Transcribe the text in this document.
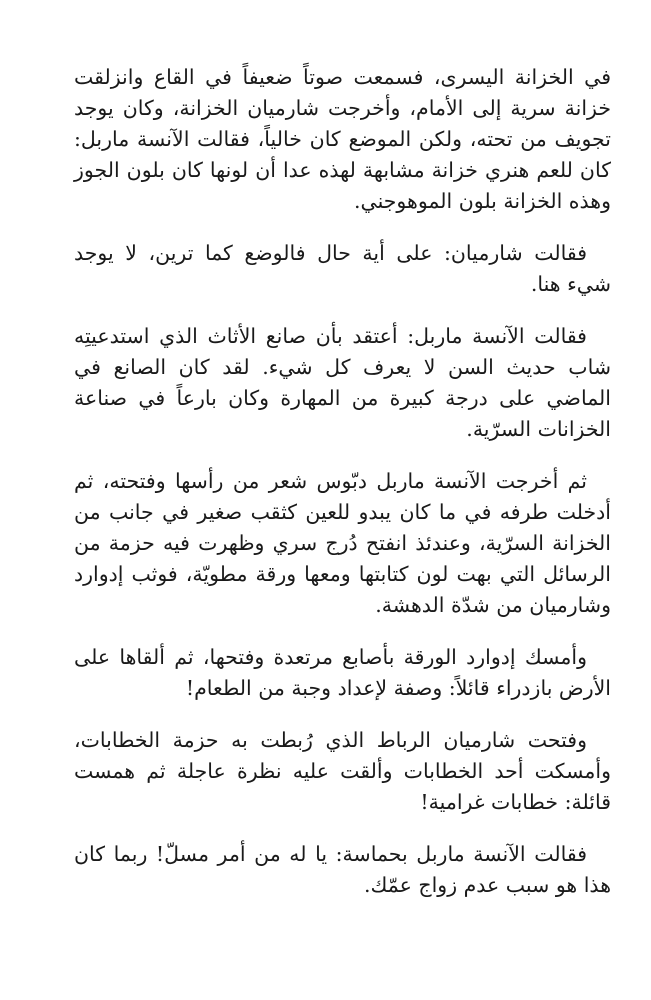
في الخزانة اليسرى، فسمعت صوتاً ضعيفاً في القاع وانزلقت خزانة سرية إلى الأمام، وأخرجت شارميان الخزانة، وكان يوجد تجويف من تحته، ولكن الموضع كان خالياً، فقالت الآنسة ماربل: كان للعم هنري خزانة مشابهة لهذه عدا أن لونها كان بلون الجوز وهذه الخزانة بلون الموهوجني.

فقالت شارميان: على أية حال فالوضع كما ترين، لا يوجد شيء هنا.

فقالت الآنسة ماربل: أعتقد بأن صانع الأثاث الذي استدعيتِه شاب حديث السن لا يعرف كل شيء. لقد كان الصانع في الماضي على درجة كبيرة من المهارة وكان بارعاً في صناعة الخزانات السرّية.

ثم أخرجت الآنسة ماربل دبّوس شعر من رأسها وفتحته، ثم أدخلت طرفه في ما كان يبدو للعين كثقب صغير في جانب من الخزانة السرّية، وعندئذ انفتح دُرج سري وظهرت فيه حزمة من الرسائل التي بهت لون كتابتها ومعها ورقة مطويّة، فوثب إدوارد وشارميان من شدّة الدهشة.

وأمسك إدوارد الورقة بأصابع مرتعدة وفتحها، ثم ألقاها على الأرض بازدراء قائلاً: وصفة لإعداد وجبة من الطعام!

وفتحت شارميان الرباط الذي رُبطت به حزمة الخطابات، وأمسكت أحد الخطابات وألقت عليه نظرة عاجلة ثم همست قائلة: خطابات غرامية!

فقالت الآنسة ماربل بحماسة: يا له من أمر مسلّ! ربما كان هذا هو سبب عدم زواج عمّك.
